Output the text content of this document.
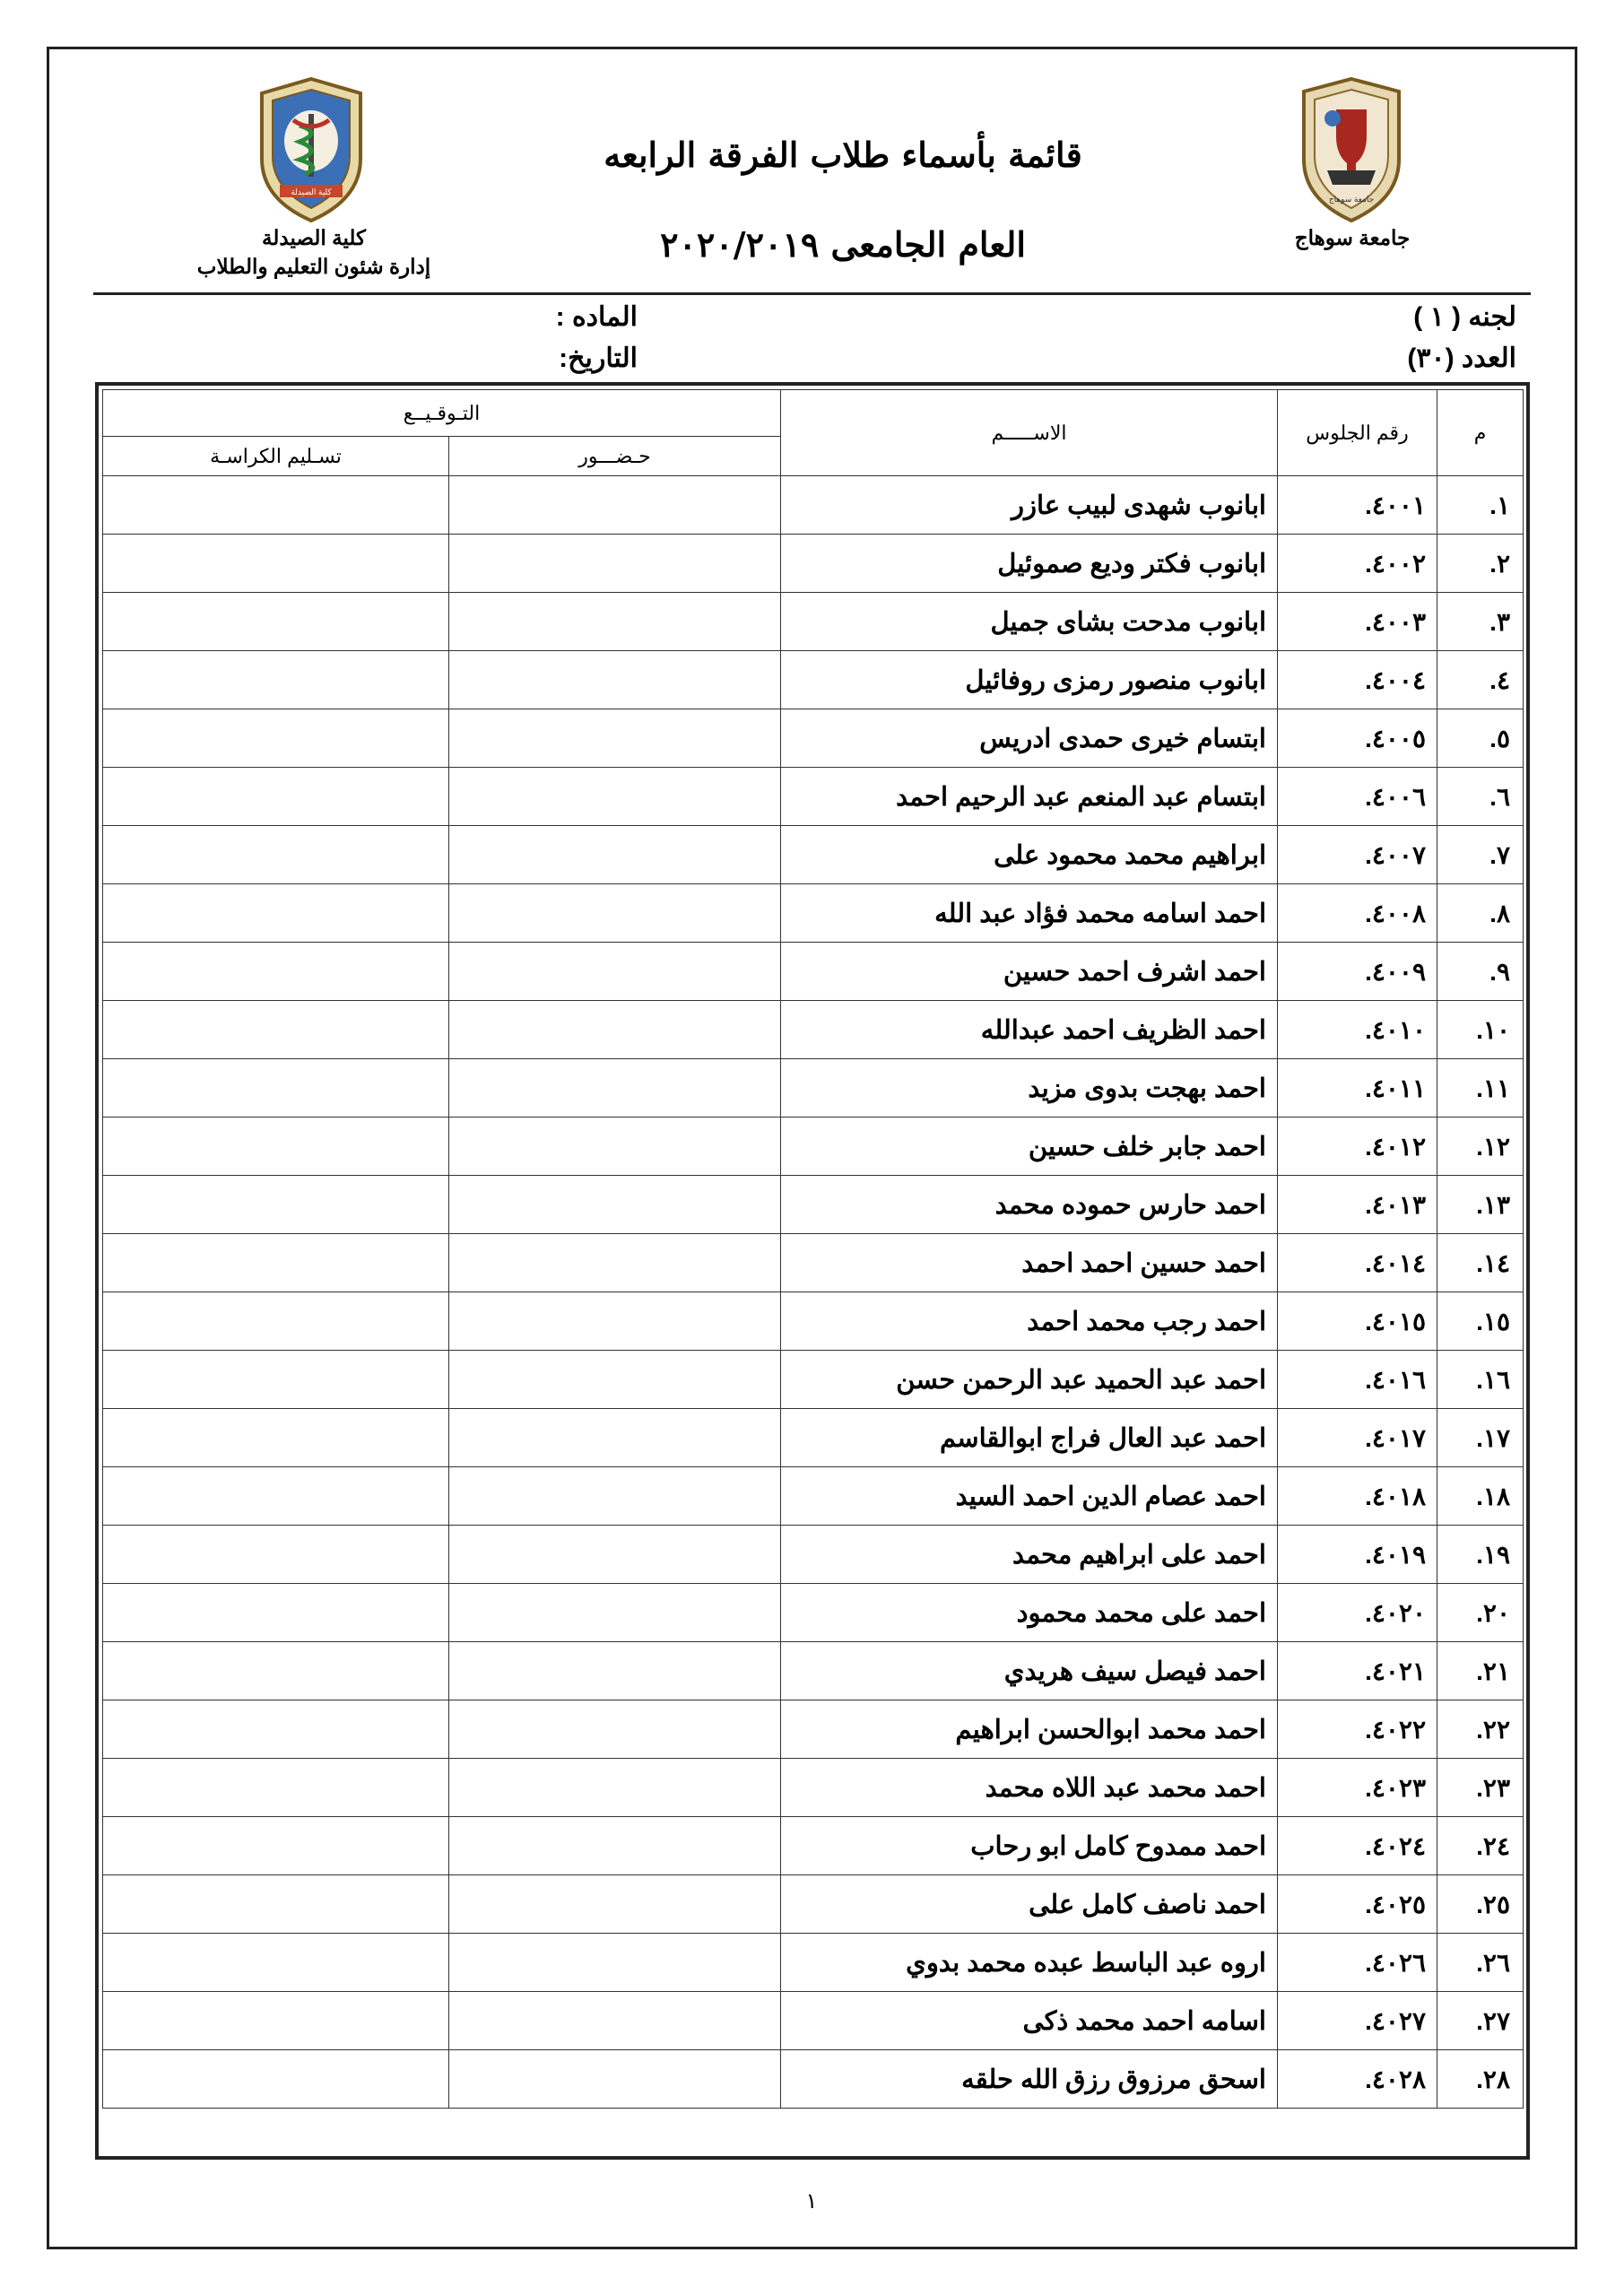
كلية الصيدلة
جامعة سوهاج
جامعة سوهاج
كلية الصيدلة
إدارة شئون التعليم والطلاب
قائمة بأسماء طلاب الفرقة الرابعه
العام الجامعى ٢٠٢٠/٢٠١٩
لجنه ( ١ )
العدد (٣٠)
الماده :
التاريخ:
م	رقم الجلوس	الاســـــم	التـوقـيــع	
			حـضـــور	تسـليم الكراسـة
١.	٤٠٠١.	ابانوب شهدى لبيب عازر		
٢.	٤٠٠٢.	ابانوب فكتر وديع صموئيل		
٣.	٤٠٠٣.	ابانوب مدحت بشاى جميل		
٤.	٤٠٠٤.	ابانوب منصور رمزى روفائيل		
٥.	٤٠٠٥.	ابتسام خيرى حمدى ادريس		
٦.	٤٠٠٦.	ابتسام عبد المنعم عبد الرحيم احمد		
٧.	٤٠٠٧.	ابراهيم محمد محمود على		
٨.	٤٠٠٨.	احمد اسامه محمد فؤاد عبد الله		
٩.	٤٠٠٩.	احمد اشرف احمد حسين		
١٠.	٤٠١٠.	احمد الظريف احمد عبدالله		
١١.	٤٠١١.	احمد بهجت بدوى مزيد		
١٢.	٤٠١٢.	احمد جابر خلف حسين		
١٣.	٤٠١٣.	احمد حارس حموده محمد		
١٤.	٤٠١٤.	احمد حسين احمد احمد		
١٥.	٤٠١٥.	احمد رجب محمد احمد		
١٦.	٤٠١٦.	احمد عبد الحميد عبد الرحمن حسن		
١٧.	٤٠١٧.	احمد عبد العال فراج ابوالقاسم		
١٨.	٤٠١٨.	احمد عصام الدين احمد السيد		
١٩.	٤٠١٩.	احمد على ابراهيم محمد		
٢٠.	٤٠٢٠.	احمد على محمد محمود		
٢١.	٤٠٢١.	احمد فيصل سيف هريدي		
٢٢.	٤٠٢٢.	احمد محمد ابوالحسن ابراهيم		
٢٣.	٤٠٢٣.	احمد محمد عبد اللاه محمد		
٢٤.	٤٠٢٤.	احمد ممدوح كامل ابو رحاب		
٢٥.	٤٠٢٥.	احمد ناصف كامل على		
٢٦.	٤٠٢٦.	اروه عبد الباسط عبده محمد بدوي		
٢٧.	٤٠٢٧.	اسامه احمد محمد ذكى		
٢٨.	٤٠٢٨.	اسحق مرزوق رزق الله حلقه		
١
